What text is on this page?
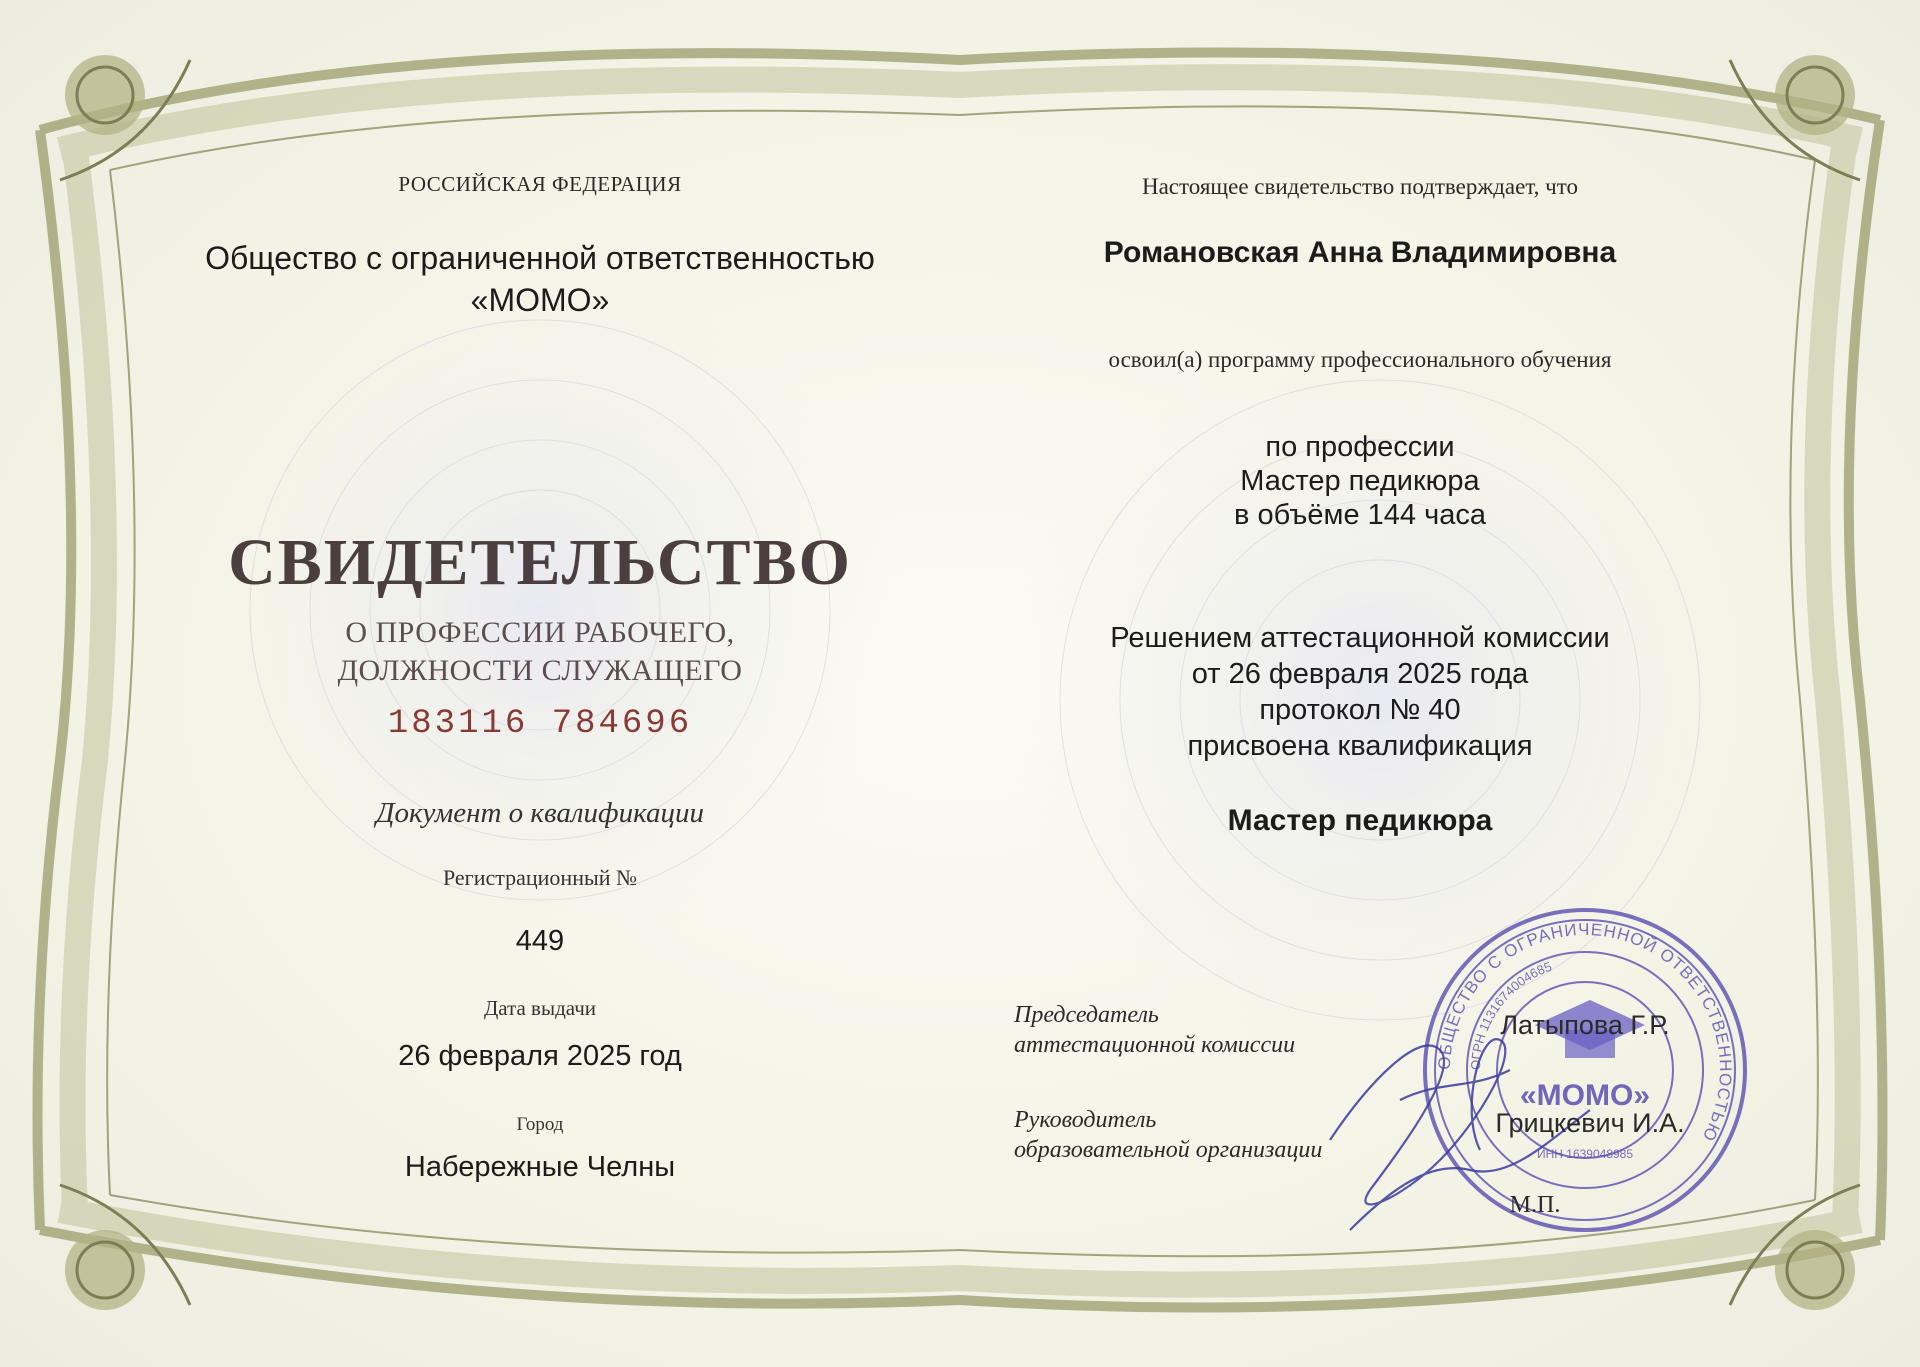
РОССИЙСКАЯ ФЕДЕРАЦИЯ
Общество с ограниченной ответственностью
«МОМО»
СВИДЕТЕЛЬСТВО
О ПРОФЕССИИ РАБОЧЕГО,
ДОЛЖНОСТИ СЛУЖАЩЕГО
183116 784696
Документ о квалификации
Регистрационный №
449
Дата выдачи
26 февраля 2025 год
Город
Набережные Челны
Настоящее свидетельство подтверждает, что
Романовская Анна Владимировна
освоил(а) программу профессионального обучения
по профессии
Мастер педикюра
в объёме 144 часа
Решением аттестационной комиссии
от 26 февраля 2025 года
протокол № 40
присвоена квалификация
Мастер педикюра
Председатель
аттестационной комиссии
Руководитель
образовательной организации
ОБЩЕСТВО С ОГРАНИЧЕННОЙ ОТВЕТСТВЕННОСТЬЮ
ОГРН 1131674004685
ИНН 1639048985
«МОМО»
Латыпова Г.Р.
Грицкевич И.А.
М.П.
